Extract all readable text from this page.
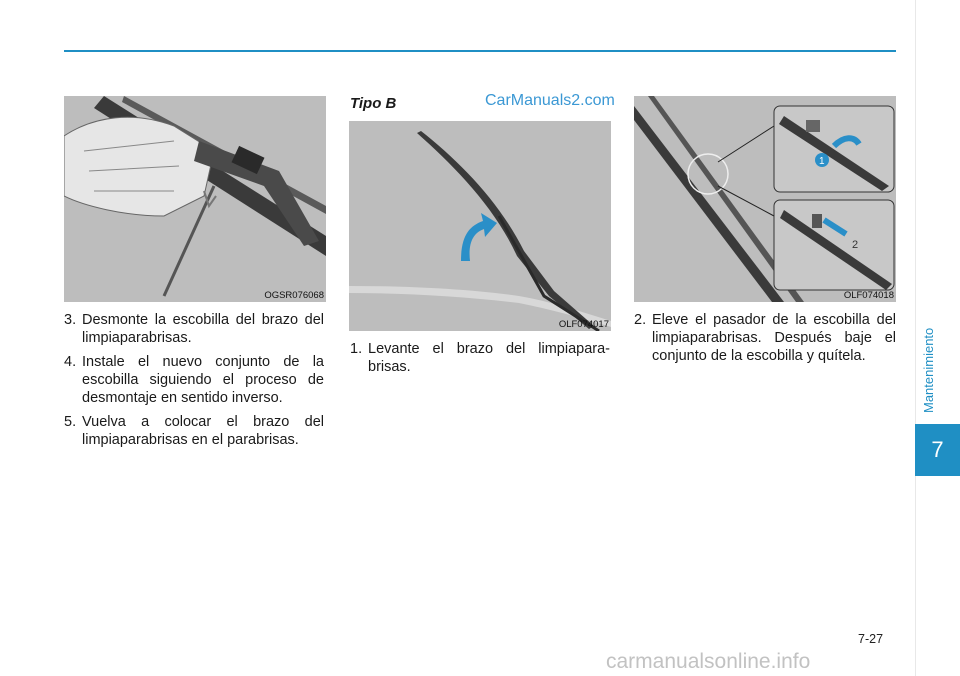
Mantenimiento
7
OGSR076068
3. Desmonte la escobilla del brazo del limpiaparabrisas.
4. Instale el nuevo conjunto de la escobilla siguiendo el proceso de desmontaje en sentido inverso.
5. Vuelva a colocar el brazo del limpiaparabrisas en el parabrisas.
Tipo B	CarManuals2.com
OLF074017
1. Levante el brazo del limpiapara-brisas.
1
2
OLF074018
2. Eleve el pasador de la escobilla del limpiaparabrisas. Después baje el conjunto de la escobilla y quítela.
7-27
carmanualsonline.info
